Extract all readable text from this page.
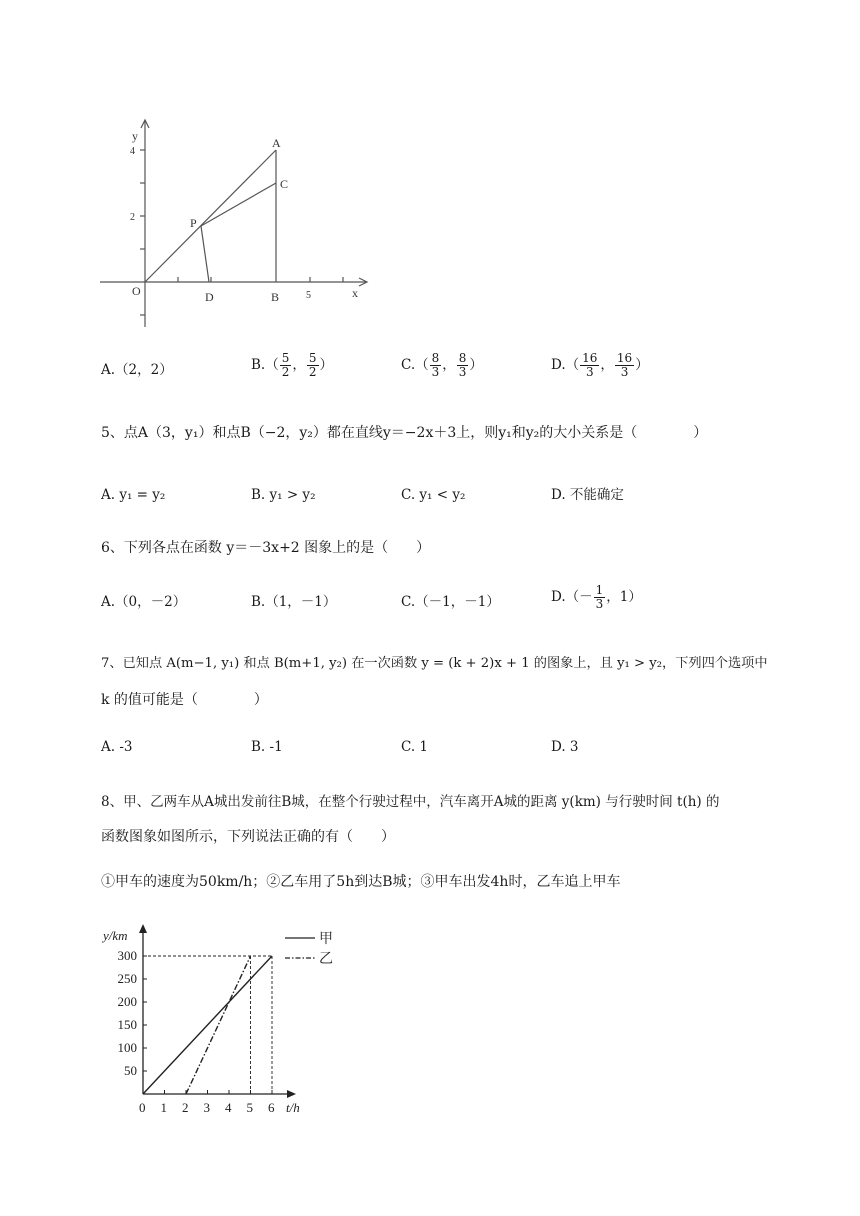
y
x
O
4
2
5
A
B
C
P
D
A.（2，2）	$B.( \frac{5}{2}$ ， $\frac{5}{2}$ ）	$C.( \frac{8}{3}$ ， $\frac{8}{3}$ ）	$D.( \frac{16}{3}$ ， $\frac{16}{3}$ ）
5、点A（3，y₁）和点B（−2，y₂）都在直线y＝−2x＋3上，则y₁和y₂的大小关系是（　　　　）
A. y₁ = y₂	B. y₁ > y₂	C. y₁ < y₂	D. 不能确定
6、下列各点在函数 y＝－3x+2 图象上的是（　　）
A.（0，－2）	B.（1，－1）	C.（－1，－1）	$D.(- \frac{1}{3}$ ，1）
7、已知点 A(m−1, y₁) 和点 B(m+1, y₂) 在一次函数 y = (k + 2)x + 1 的图象上，且 y₁ > y₂，下列四个选项中
k 的值可能是（　　　　）
A. -3	B. -1	C. 1	D. 3
8、甲、乙两车从A城出发前往B城，在整个行驶过程中，汽车离开A城的距离 y(km) 与行驶时间 t(h) 的
函数图象如图所示，下列说法正确的有（　　）
①甲车的速度为50km/h；②乙车用了5h到达B城；③甲车出发4h时，乙车追上甲车
y/km
t/h
0 1 2 3 4 5 6
50
100
150
200
250
300
甲
乙
